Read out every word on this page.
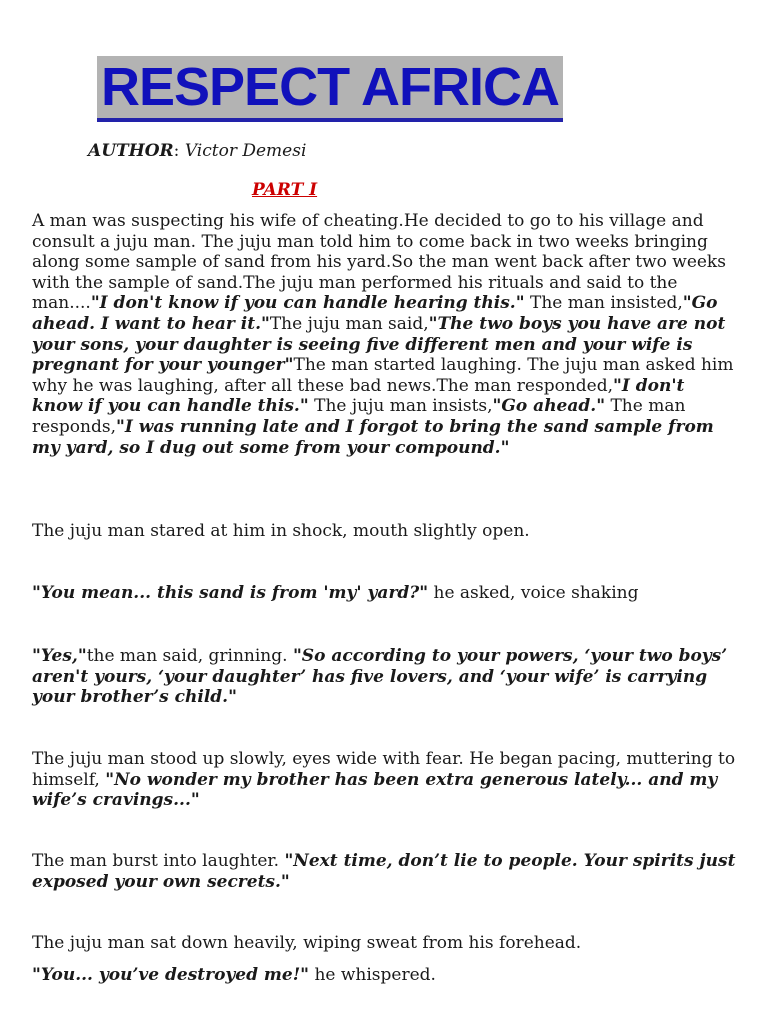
RESPECT AFRICA
AUTHOR: Victor Demesi
PART I

A man was suspecting his wife of cheating.He decided to go to his village and consult a juju man. The juju man told him to come back in two weeks bringing along some sample of sand from his yard.So the man went back after two weeks with the sample of sand.The juju man performed his rituals and said to the man...."I don't know if you can handle hearing this." The man insisted,"Go ahead. I want to hear it."The juju man said,"The two boys you have are not your sons, your daughter is seeing five different men and your wife is pregnant for your younger"The man started laughing. The juju man asked him why he was laughing, after all these bad news.The man responded,"I don't know if you can handle this." The juju man insists,"Go ahead." The man responds,"I was running late and I forgot to bring the sand sample from my yard, so I dug out some from your compound."

The juju man stared at him in shock, mouth slightly open.

"You mean... this sand is from 'my' yard?" he asked, voice shaking

"Yes,"the man said, grinning. "So according to your powers, ‘your two boys’ aren't yours, ‘your daughter’ has five lovers, and ‘your wife’ is carrying your brother’s child."

The juju man stood up slowly, eyes wide with fear. He began pacing, muttering to himself, "No wonder my brother has been extra generous lately... and my wife’s cravings..."

The man burst into laughter. "Next time, don’t lie to people. Your spirits just exposed your own secrets."

The juju man sat down heavily, wiping sweat from his forehead.

"You... you’ve destroyed me!" he whispered.
